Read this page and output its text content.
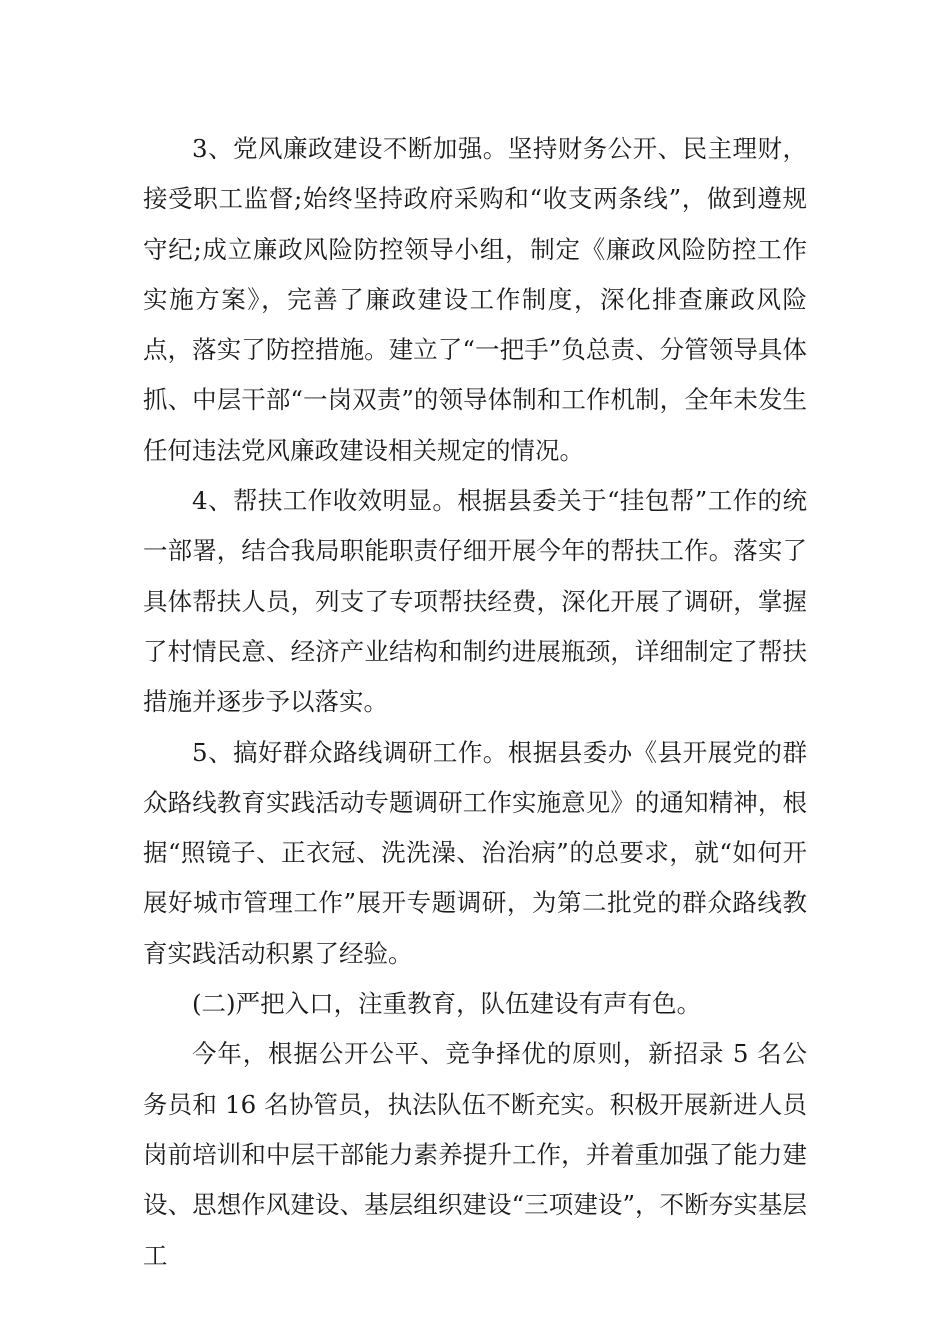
3、党风廉政建设不断加强。坚持财务公开、民主理财，接受职工监督;始终坚持政府采购和“收支两条线”，做到遵规守纪;成立廉政风险防控领导小组，制定《廉政风险防控工作实施方案》，完善了廉政建设工作制度，深化排查廉政风险点，落实了防控措施。建立了“一把手”负总责、分管领导具体抓、中层干部“一岗双责”的领导体制和工作机制，全年未发生任何违法党风廉政建设相关规定的情况。

4、帮扶工作收效明显。根据县委关于“挂包帮”工作的统一部署，结合我局职能职责仔细开展今年的帮扶工作。落实了具体帮扶人员，列支了专项帮扶经费，深化开展了调研，掌握了村情民意、经济产业结构和制约进展瓶颈，详细制定了帮扶措施并逐步予以落实。

5、搞好群众路线调研工作。根据县委办《县开展党的群众路线教育实践活动专题调研工作实施意见》的通知精神，根据“照镜子、正衣冠、洗洗澡、治治病”的总要求，就“如何开展好城市管理工作”展开专题调研，为第二批党的群众路线教育实践活动积累了经验。

(二)严把入口，注重教育，队伍建设有声有色。

今年，根据公开公平、竞争择优的原则，新招录 5 名公务员和 16 名协管员，执法队伍不断充实。积极开展新进人员岗前培训和中层干部能力素养提升工作，并着重加强了能力建设、思想作风建设、基层组织建设“三项建设”，不断夯实基层工
